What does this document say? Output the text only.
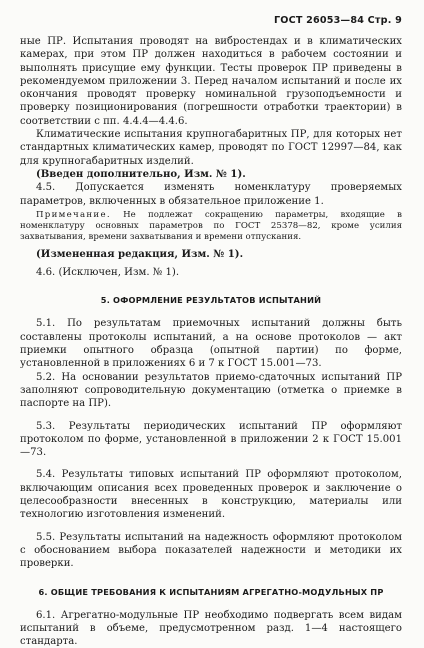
ГОСТ 26053—84 Стр. 9

ные ПР. Испытания проводят на вибростендах и в климатических камерах, при этом ПР должен находиться в рабочем состоянии и выполнять присущие ему функции. Тесты проверок ПР приведены в рекомендуемом приложении 3. Перед началом испытаний и после их окончания проводят проверку номинальной грузоподъемности и проверку позиционирования (погрешности отработки траектории) в соответствии с пп. 4.4.4—4.4.6.

Климатические испытания крупногабаритных ПР, для которых нет стандартных климатических камер, проводят по ГОСТ 12997—84, как для крупногабаритных изделий.

(Введен дополнительно, Изм. № 1).

4.5. Допускается изменять номенклатуру проверяемых параметров, включенных в обязательное приложение 1.

Примечание. Не подлежат сокращению параметры, входящие в номенклатуру основных параметров по ГОСТ 25378—82, кроме усилия захватывания, времени захватывания и времени отпускания.

(Измененная редакция, Изм. № 1).

4.6. (Исключен, Изм. № 1).

5. ОФОРМЛЕНИЕ РЕЗУЛЬТАТОВ ИСПЫТАНИЙ

5.1. По результатам приемочных испытаний должны быть составлены протоколы испытаний, а на основе протоколов — акт приемки опытного образца (опытной партии) по форме, установленной в приложениях 6 и 7 к ГОСТ 15.001—73.

5.2. На основании результатов приемо-сдаточных испытаний ПР заполняют сопроводительную документацию (отметка о приемке в паспорте на ПР).

5.3. Результаты периодических испытаний ПР оформляют протоколом по форме, установленной в приложении 2 к ГОСТ 15.001—73.

5.4. Результаты типовых испытаний ПР оформляют протоколом, включающим описания всех проведенных проверок и заключение о целесообразности внесенных в конструкцию, материалы или технологию изготовления изменений.

5.5. Результаты испытаний на надежность оформляют протоколом с обоснованием выбора показателей надежности и методики их проверки.

6. ОБЩИЕ ТРЕБОВАНИЯ К ИСПЫТАНИЯМ АГРЕГАТНО-МОДУЛЬНЫХ ПР

6.1. Агрегатно-модульные ПР необходимо подвергать всем видам испытаний в объеме, предусмотренном разд. 1—4 настоящего стандарта.
